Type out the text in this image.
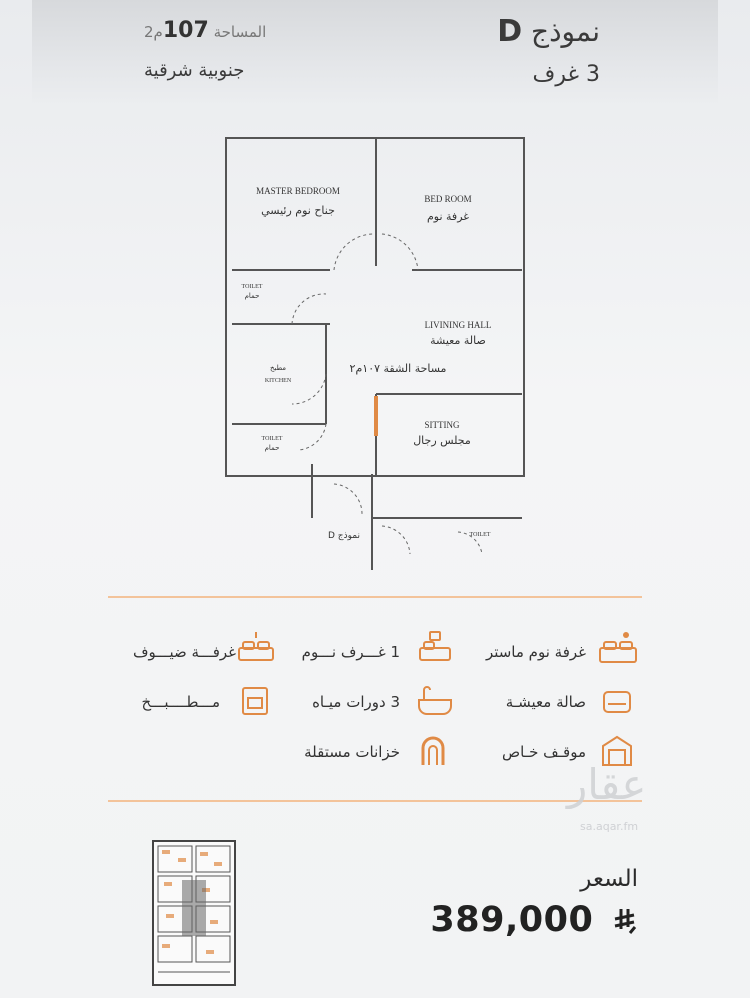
نموذج D
3 غرف
المساحة 107م2
جنوبية شرقية
MASTER BEDROOM
BED ROOM
TOILET
LIVINING HALL
KITCHEN
TOILET
SITTING
TOILET
جناح نوم رئيسي	غرفة نوم
حمام
صالة معيشة
مساحة الشقة ١٠٧م٢
مطبخ
حمام
مجلس رجال
نموذج D
غرفة نوم ماستر
1 غـــرف نـــوم
غرفـــة ضيـــوف
صالة معيشـة
3 دورات ميـاه
مـــطــــبـــخ
موقـف خـاص
خزانات مستقلة
عقار
sa.aqar.fm
السعر
389,000
